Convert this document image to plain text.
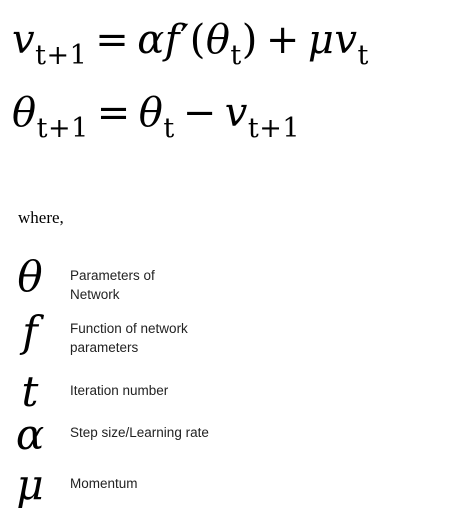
$v_{t+1} = \alpha f'(\theta_t) + \mu v_t$
$\theta_{t+1} = \theta_t - v_{t+1}$
where,
θ	Parameters of
Network
f	Function of network
parameters
t	Iteration number
α	Step size/Learning rate
μ	Momentum
